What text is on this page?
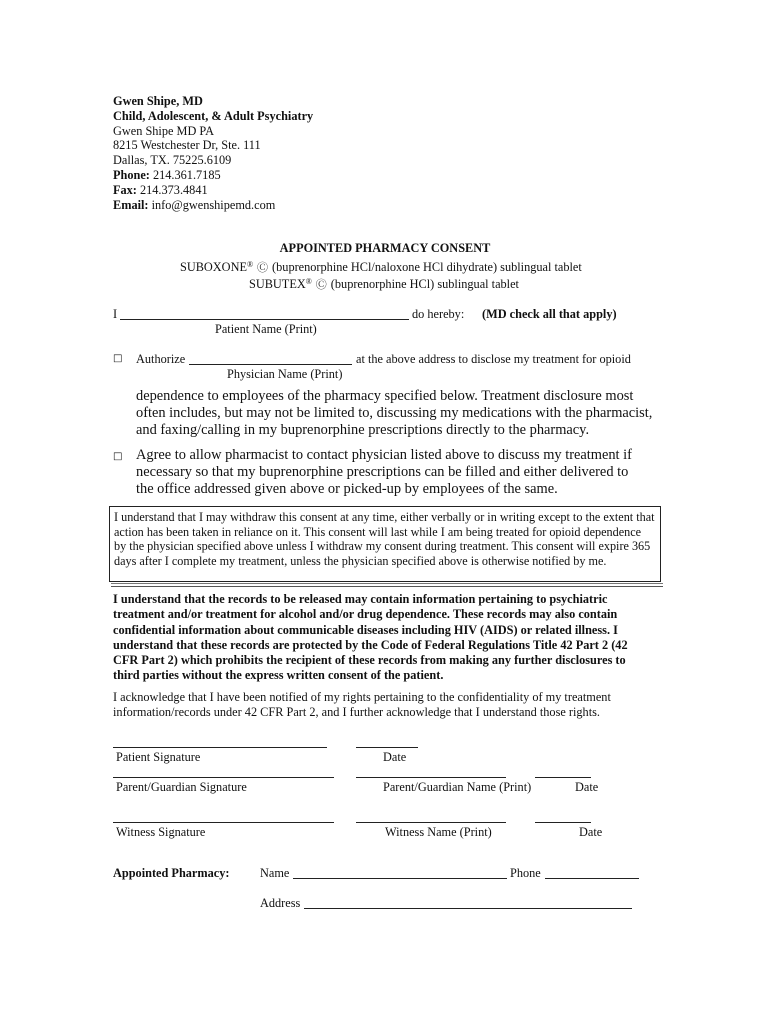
Gwen Shipe, MD
Child, Adolescent, & Adult Psychiatry
Gwen Shipe MD PA
8215 Westchester Dr, Ste. 111
Dallas, TX. 75225.6109
Phone: 214.361.7185
Fax: 214.373.4841
Email: info@gwenshipemd.com
APPOINTED PHARMACY CONSENT
SUBOXONE® Ⓒ (buprenorphine HCl/naloxone HCl dihydrate) sublingual tablet
SUBUTEX® Ⓒ (buprenorphine HCl) sublingual tablet
I	do hereby: (MD check all that apply)
Patient Name (Print)
□ Authorize	at the above address to disclose my treatment for opioid
Physician Name (Print)
dependence to employees of the pharmacy specified below. Treatment disclosure most often includes, but may not be limited to, discussing my medications with the pharmacist, and faxing/calling in my buprenorphine prescriptions directly to the pharmacy.
□ Agree to allow pharmacist to contact physician listed above to discuss my treatment if necessary so that my buprenorphine prescriptions can be filled and either delivered to the office addressed given above or picked-up by employees of the same.
I understand that I may withdraw this consent at any time, either verbally or in writing except to the extent that action has been taken in reliance on it. This consent will last while I am being treated for opioid dependence by the physician specified above unless I withdraw my consent during treatment. This consent will expire 365 days after I complete my treatment, unless the physician specified above is otherwise notified by me.
I understand that the records to be released may contain information pertaining to psychiatric treatment and/or treatment for alcohol and/or drug dependence. These records may also contain confidential information about communicable diseases including HIV (AIDS) or related illness. I understand that these records are protected by the Code of Federal Regulations Title 42 Part 2 (42 CFR Part 2) which prohibits the recipient of these records from making any further disclosures to third parties without the express written consent of the patient.
I acknowledge that I have been notified of my rights pertaining to the confidentiality of my treatment information/records under 42 CFR Part 2, and I further acknowledge that I understand those rights.
Patient Signature	Date
Parent/Guardian Signature	Parent/Guardian Name (Print)	Date
Witness Signature	Witness Name (Print)	Date
Appointed Pharmacy: Name	Phone
Address
